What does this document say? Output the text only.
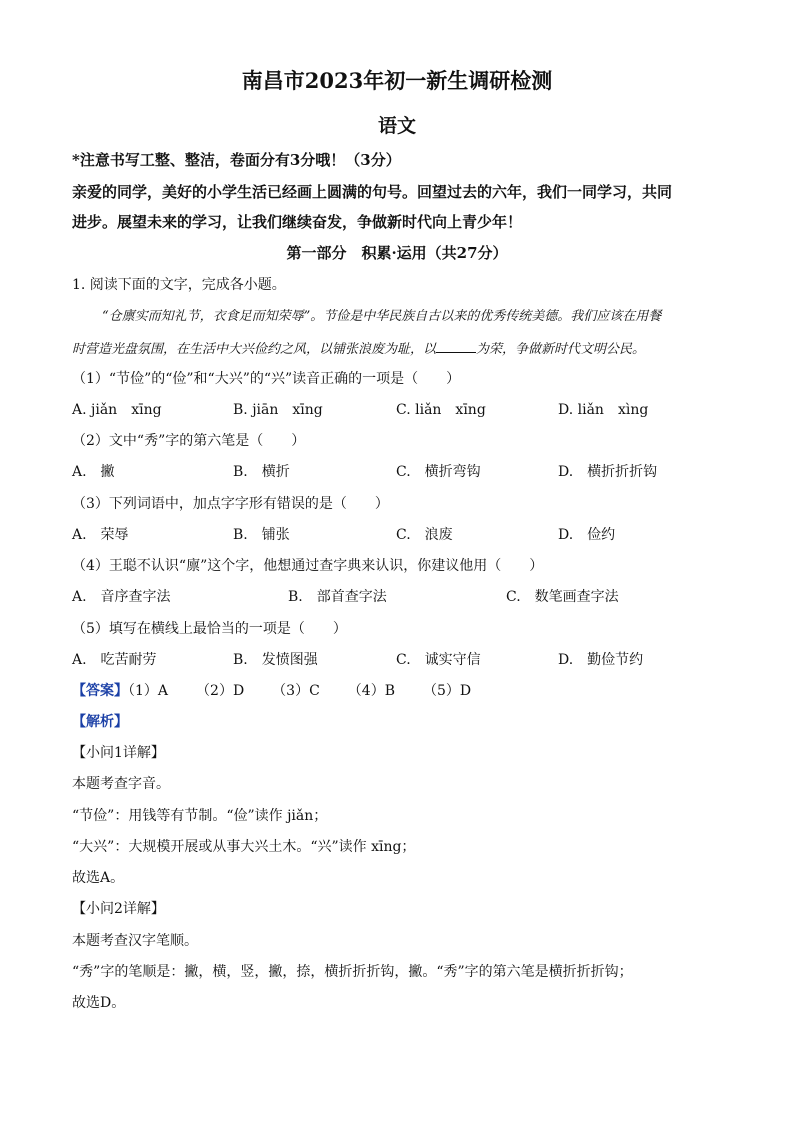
南昌市2023年初一新生调研检测
语文
*注意书写工整、整洁，卷面分有3分哦！（3分）
亲爱的同学，美好的小学生活已经画上圆满的句号。回望过去的六年，我们一同学习，共同
进步。展望未来的学习，让我们继续奋发，争做新时代向上青少年！
第一部分　积累·运用（共27分）
1. 阅读下面的文字，完成各小题。
“仓廪实而知礼节，衣食足而知荣辱”。节俭是中华民族自古以来的优秀传统美德。我们应该在用餐
时营造光盘氛围，在生活中大兴俭约之风，以铺张浪废为耻，以	为荣，争做新时代文明公民。
（1）“节俭”的“俭”和“大兴”的“兴”读音正确的一项是（　　）
A. jiǎn　xīng	B. jiān　xīng	C. liǎn　xīng	D. liǎn　xìng
（2）文中“秀”字的第六笔是（　　）
A.　撇	B.　横折	C.　横折弯钩	D.　横折折折钩
（3）下列词语中，加点字字形有错误的是（　　）
A.　荣辱	B.　铺张	C.　浪废	D.　俭约
（4）王聪不认识“廪”这个字，他想通过查字典来认识，你建议他用（　　）
A.　音序查字法	B.　部首查字法	C.　数笔画查字法
（5）填写在横线上最恰当的一项是（　　）
A.　吃苦耐劳	B.　发愤图强	C.　诚实守信	D.　勤俭节约
【答案】（1）A （2）D （3）C （4）B （5）D
【解析】
【小问1详解】
本题考查字音。
“节俭”：用钱等有节制。“俭”读作 jiǎn；
“大兴”：大规模开展或从事大兴土木。“兴”读作 xīng；
故选A。
【小问2详解】
本题考查汉字笔顺。
“秀”字的笔顺是：撇，横，竖，撇，捺，横折折折钩，撇。“秀”字的第六笔是横折折折钩；
故选D。
